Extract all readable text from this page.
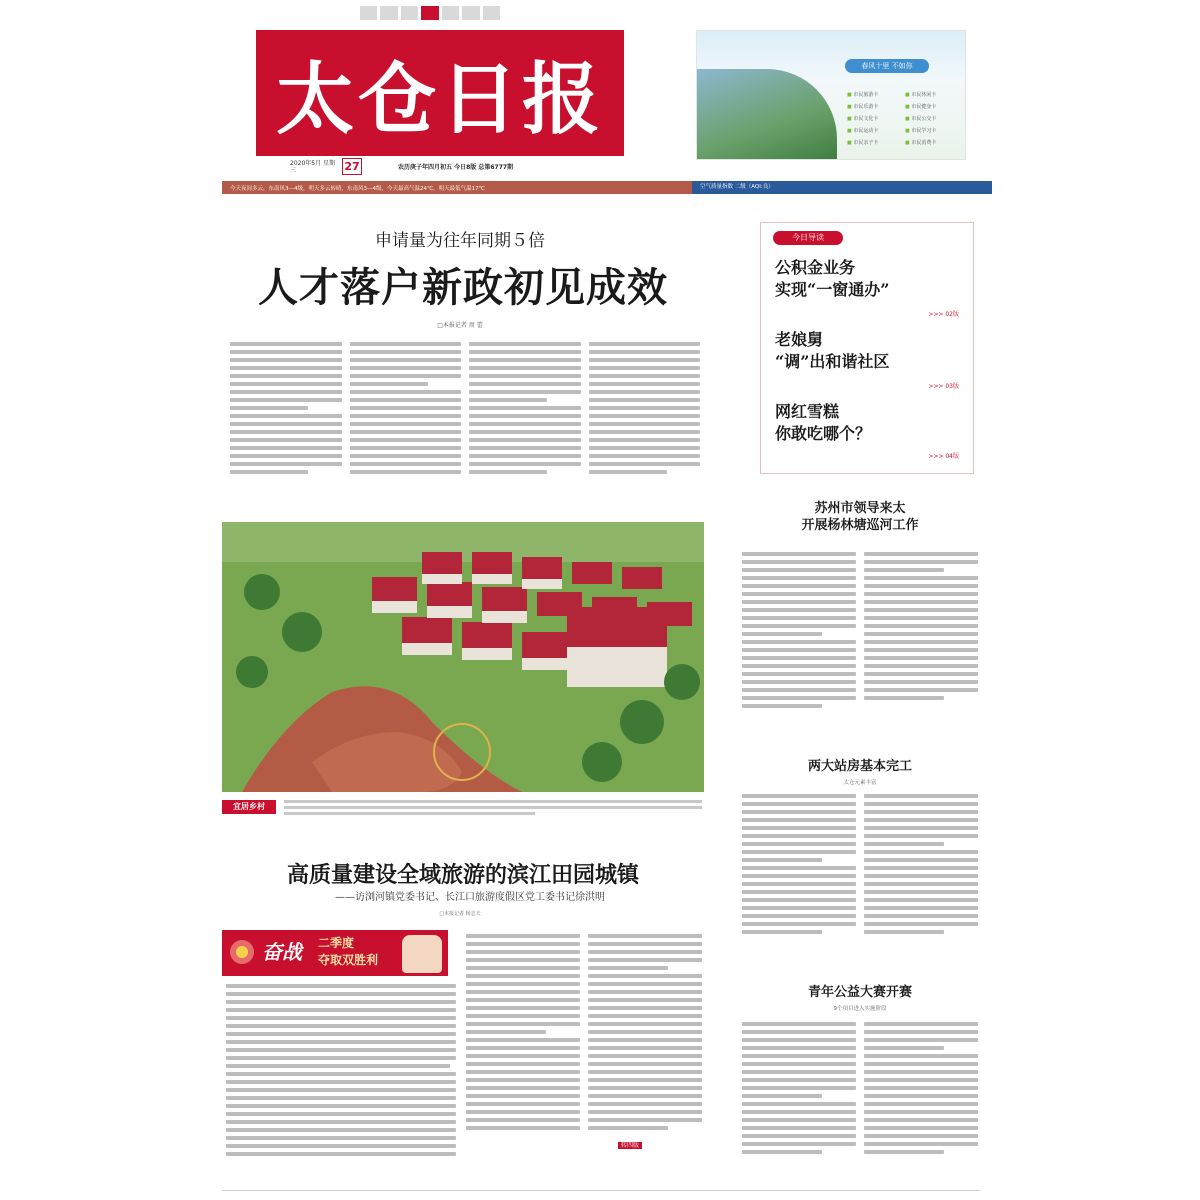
太仓日报	春风十里 不如你
■ 市民旅游卡	■ 市民休闲卡
■ 市民乐游卡	■ 市民健身卡
■ 市民文化卡	■ 市民公交卡
■ 市民运动卡	■ 市民学习卡
■ 市民亲子卡	■ 市民消费卡
2020年5月 星期三	27	农历庚子年四月初五 今日8版 总第6777期
今天夜间多云，东南风3—4级，明天多云转晴，东南风3—4级，今天最高气温24℃，明天最低气温17℃	空气质量指数 二级（AQI:良）
申请量为往年同期５倍
人才落户新政初见成效
□本报记者 周 蕾
宜居乡村
高质量建设全域旅游的滨江田园城镇
——访浏河镇党委书记、长江口旅游度假区党工委书记徐洪明
□本报记者 杨志天
奋战 二季度
夺取双胜利
转四版
今日导读
公积金业务
实现“一窗通办”
>>> 02版
老娘舅
“调”出和谐社区
>>> 03版
网红雪糕
你敢吃哪个？
>>> 04版
苏州市领导来太
开展杨林塘巡河工作
两大站房基本完工
太仓元素丰富
青年公益大赛开赛
9个项目进入实施阶段
